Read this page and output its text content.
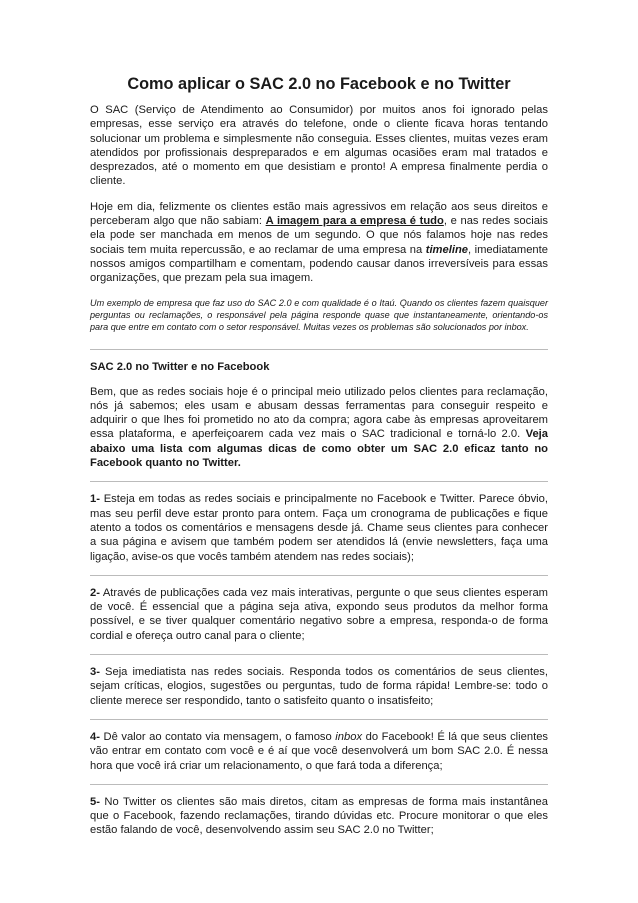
Como aplicar o SAC 2.0 no Facebook e no Twitter

O SAC (Serviço de Atendimento ao Consumidor) por muitos anos foi ignorado pelas empresas, esse serviço era através do telefone, onde o cliente ficava horas tentando solucionar um problema e simplesmente não conseguia. Esses clientes, muitas vezes eram atendidos por profissionais despreparados e em algumas ocasiões eram mal tratados e desprezados, até o momento em que desistiam e pronto! A empresa finalmente perdia o cliente.

Hoje em dia, felizmente os clientes estão mais agressivos em relação aos seus direitos e perceberam algo que não sabiam: A imagem para a empresa é tudo, e nas redes sociais ela pode ser manchada em menos de um segundo. O que nós falamos hoje nas redes sociais tem muita repercussão, e ao reclamar de uma empresa na timeline, imediatamente nossos amigos compartilham e comentam, podendo causar danos irreversíveis para essas organizações, que prezam pela sua imagem.

Um exemplo de empresa que faz uso do SAC 2.0 e com qualidade é o Itaú. Quando os clientes fazem quaisquer perguntas ou reclamações, o responsável pela página responde quase que instantaneamente, orientando-os para que entre em contato com o setor responsável. Muitas vezes os problemas são solucionados por inbox.

SAC 2.0 no Twitter e no Facebook

Bem, que as redes sociais hoje é o principal meio utilizado pelos clientes para reclamação, nós já sabemos; eles usam e abusam dessas ferramentas para conseguir respeito e adquirir o que lhes foi prometido no ato da compra; agora cabe às empresas aproveitarem essa plataforma, e aperfeiçoarem cada vez mais o SAC tradicional e torná-lo 2.0. Veja abaixo uma lista com algumas dicas de como obter um SAC 2.0 eficaz tanto no Facebook quanto no Twitter.

1- Esteja em todas as redes sociais e principalmente no Facebook e Twitter. Parece óbvio, mas seu perfil deve estar pronto para ontem. Faça um cronograma de publicações e fique atento a todos os comentários e mensagens desde já. Chame seus clientes para conhecer a sua página e avisem que também podem ser atendidos lá (envie newsletters, faça uma ligação, avise-os que vocês também atendem nas redes sociais);

2- Através de publicações cada vez mais interativas, pergunte o que seus clientes esperam de você. É essencial que a página seja ativa, expondo seus produtos da melhor forma possível, e se tiver qualquer comentário negativo sobre a empresa, responda-o de forma cordial e ofereça outro canal para o cliente;

3- Seja imediatista nas redes sociais. Responda todos os comentários de seus clientes, sejam críticas, elogios, sugestões ou perguntas, tudo de forma rápida! Lembre-se: todo o cliente merece ser respondido, tanto o satisfeito quanto o insatisfeito;

4- Dê valor ao contato via mensagem, o famoso inbox do Facebook! É lá que seus clientes vão entrar em contato com você e é aí que você desenvolverá um bom SAC 2.0. É nessa hora que você irá criar um relacionamento, o que fará toda a diferença;

5- No Twitter os clientes são mais diretos, citam as empresas de forma mais instantânea que o Facebook, fazendo reclamações, tirando dúvidas etc. Procure monitorar o que eles estão falando de você, desenvolvendo assim seu SAC 2.0 no Twitter;
